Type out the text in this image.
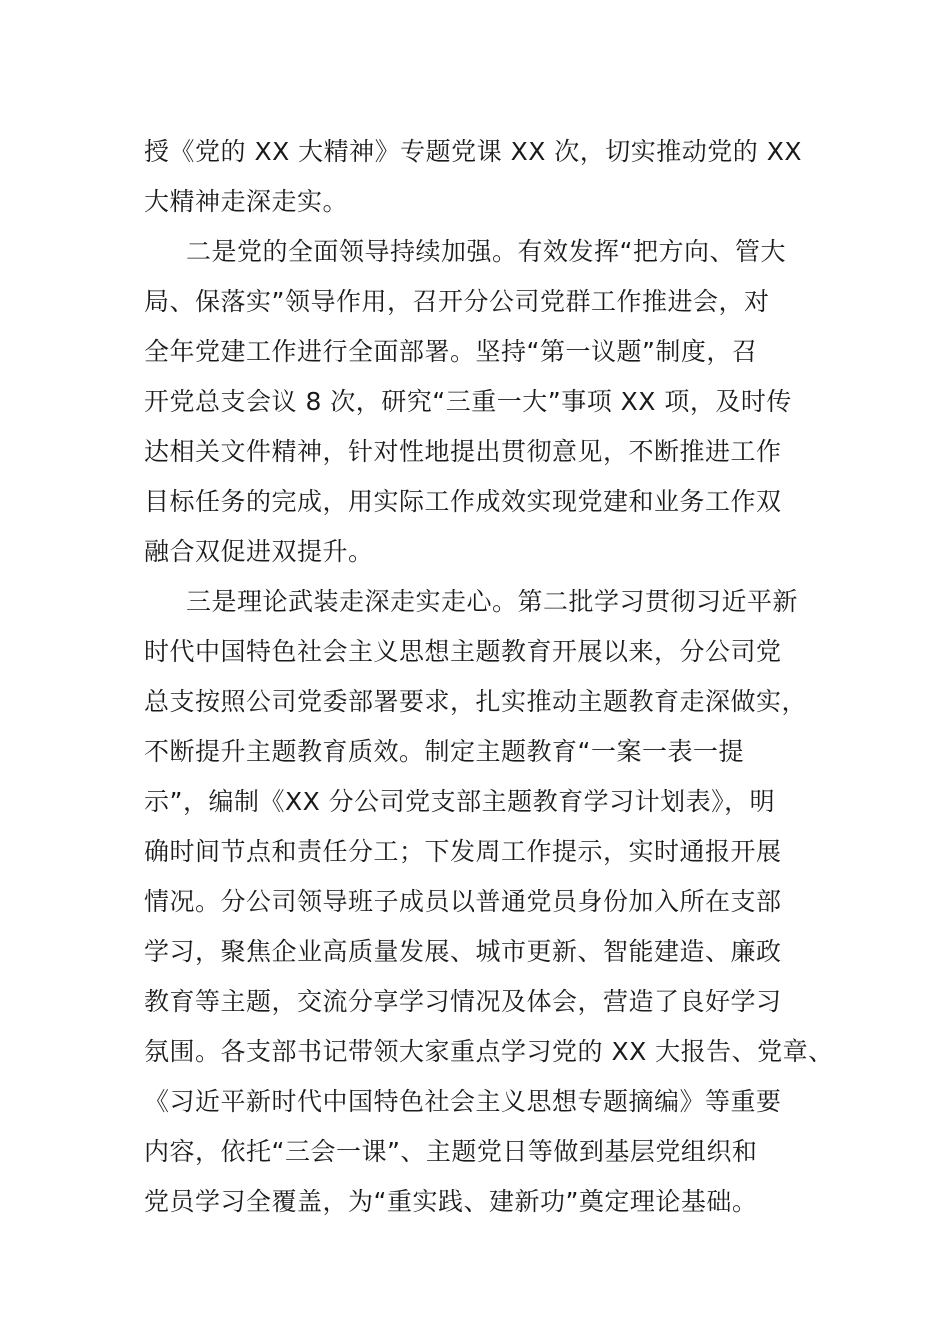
授《党的 XX 大精神》专题党课 XX 次，切实推动党的 XX
大精神走深走实。
二是党的全面领导持续加强。有效发挥“把方向、管大
局、保落实”领导作用，召开分公司党群工作推进会，对
全年党建工作进行全面部署。坚持“第一议题”制度，召
开党总支会议 8 次，研究“三重一大”事项 XX 项，及时传
达相关文件精神，针对性地提出贯彻意见，不断推进工作
目标任务的完成，用实际工作成效实现党建和业务工作双
融合双促进双提升。
三是理论武装走深走实走心。第二批学习贯彻习近平新
时代中国特色社会主义思想主题教育开展以来，分公司党
总支按照公司党委部署要求，扎实推动主题教育走深做实，
不断提升主题教育质效。制定主题教育“一案一表一提
示”，编制《XX 分公司党支部主题教育学习计划表》，明
确时间节点和责任分工；下发周工作提示，实时通报开展
情况。分公司领导班子成员以普通党员身份加入所在支部
学习，聚焦企业高质量发展、城市更新、智能建造、廉政
教育等主题，交流分享学习情况及体会，营造了良好学习
氛围。各支部书记带领大家重点学习党的 XX 大报告、党章、
《习近平新时代中国特色社会主义思想专题摘编》等重要
内容，依托“三会一课”、主题党日等做到基层党组织和
党员学习全覆盖，为“重实践、建新功”奠定理论基础。
